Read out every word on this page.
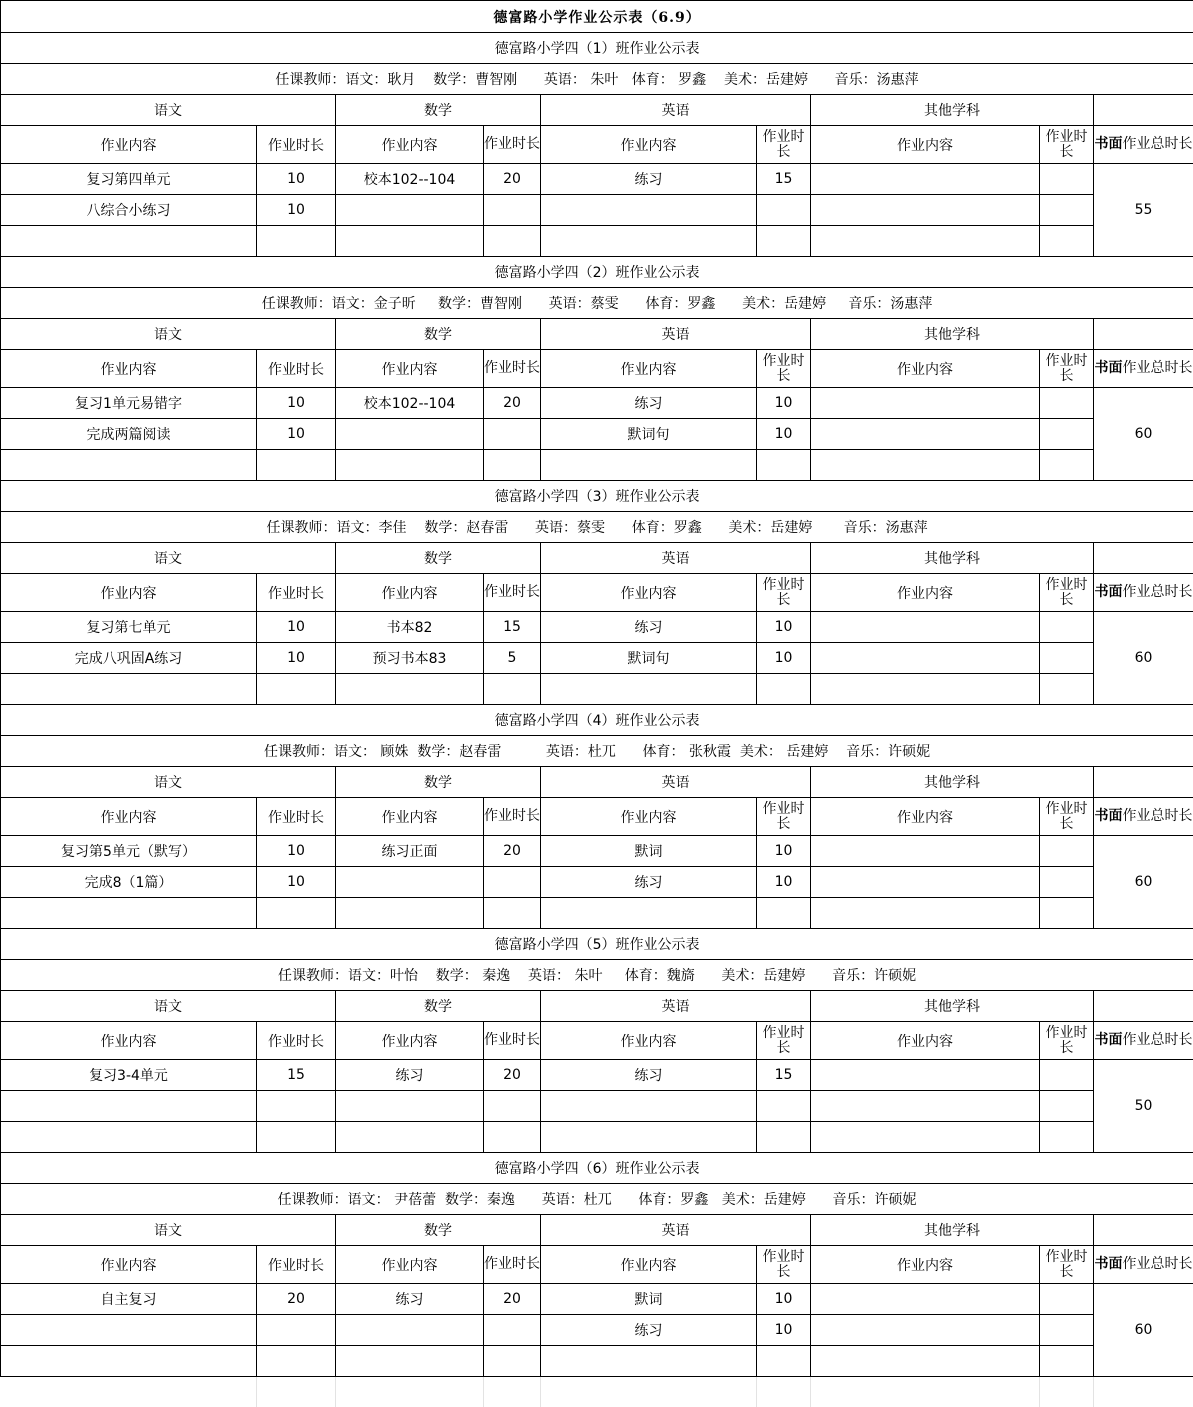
德富路小学作业公示表（6.9）								
德富路小学四（1）班作业公示表								
任课教师：语文：耿月    数学：曹智刚      英语： 朱叶   体育： 罗鑫    美术：岳建婷      音乐：汤惠萍								
语文		数学		英语		其他学科		
作业内容	作业时长	作业内容	作业时长	作业内容	作业时长	作业内容	作业时长	书面作业总时长
复习第四单元	10	校本102--104	20	练习	15			55
八综合小练习	10							

德富路小学四（2）班作业公示表								
任课教师：语文：金子昕     数学：曹智刚      英语：蔡雯      体育：罗鑫      美术：岳建婷     音乐：汤惠萍								
语文		数学		英语		其他学科		
作业内容	作业时长	作业内容	作业时长	作业内容	作业时长	作业内容	作业时长	书面作业总时长
复习1单元易错字	10	校本102--104	20	练习	10			60
完成两篇阅读	10			默词句	10			

德富路小学四（3）班作业公示表								
任课教师：语文：李佳    数学：赵春雷      英语：蔡雯      体育：罗鑫      美术：岳建婷       音乐：汤惠萍								
语文		数学		英语		其他学科		
作业内容	作业时长	作业内容	作业时长	作业内容	作业时长	作业内容	作业时长	书面作业总时长
复习第七单元	10	书本82	15	练习	10			60
完成八巩固A练习	10	预习书本83	5	默词句	10			

德富路小学四（4）班作业公示表								
任课教师：语文： 顾姝  数学：赵春雷          英语：杜兀      体育： 张秋霞  美术： 岳建婷    音乐：许硕妮								
语文		数学		英语		其他学科		
作业内容	作业时长	作业内容	作业时长	作业内容	作业时长	作业内容	作业时长	书面作业总时长
复习第5单元（默写）	10	练习正面	20	默词	10			60
完成8（1篇）	10			练习	10			

德富路小学四（5）班作业公示表								
任课教师：语文：叶怡    数学： 秦逸    英语： 朱叶     体育：魏旖      美术：岳建婷      音乐：许硕妮								
语文		数学		英语		其他学科		
作业内容	作业时长	作业内容	作业时长	作业内容	作业时长	作业内容	作业时长	书面作业总时长
复习3-4单元	15	练习	20	练习	15			50

德富路小学四（6）班作业公示表								
任课教师：语文： 尹蓓蕾  数学：秦逸      英语：杜兀      体育：罗鑫   美术：岳建婷      音乐：许硕妮								
语文		数学		英语		其他学科		
作业内容	作业时长	作业内容	作业时长	作业内容	作业时长	作业内容	作业时长	书面作业总时长
自主复习	20	练习	20	默词	10			60
				练习	10			
